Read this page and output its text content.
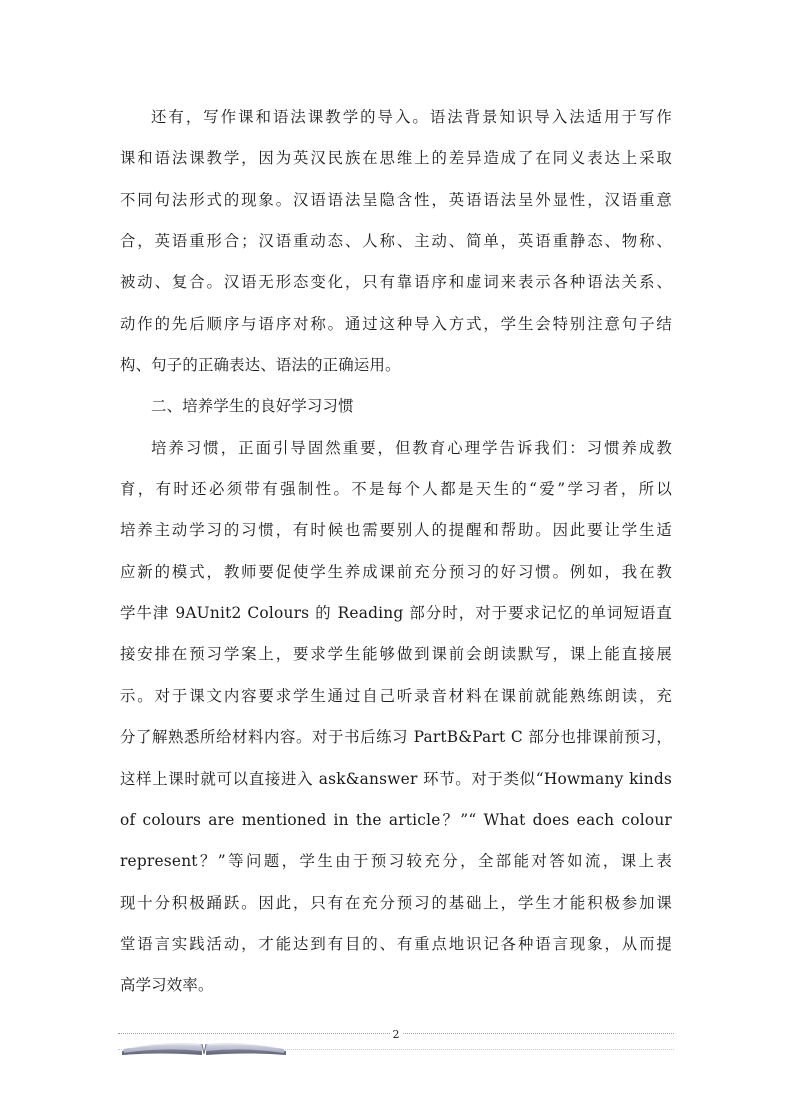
还有，写作课和语法课教学的导入。语法背景知识导入法适用于写作
课和语法课教学，因为英汉民族在思维上的差异造成了在同义表达上采取
不同句法形式的现象。汉语语法呈隐含性，英语语法呈外显性，汉语重意
合，英语重形合；汉语重动态、人称、主动、简单，英语重静态、物称、
被动、复合。汉语无形态变化，只有靠语序和虚词来表示各种语法关系、
动作的先后顺序与语序对称。通过这种导入方式，学生会特别注意句子结
构、句子的正确表达、语法的正确运用。
二、培养学生的良好学习习惯
培养习惯，正面引导固然重要，但教育心理学告诉我们：习惯养成教
育，有时还必须带有强制性。不是每个人都是天生的“爱”学习者，所以
培养主动学习的习惯，有时候也需要别人的提醒和帮助。因此要让学生适
应新的模式，教师要促使学生养成课前充分预习的好习惯。例如，我在教
学牛津 9AUnit2 Colours 的 Reading 部分时，对于要求记忆的单词短语直
接安排在预习学案上，要求学生能够做到课前会朗读默写，课上能直接展
示。对于课文内容要求学生通过自己听录音材料在课前就能熟练朗读，充
分了解熟悉所给材料内容。对于书后练习 PartB&Part C 部分也排课前预习，
这样上课时就可以直接进入 ask&answer 环节。对于类似“Howmany kinds
of colours are mentioned in the article？”“ What does each colour
represent？”等问题，学生由于预习较充分，全部能对答如流，课上表
现十分积极踊跃。因此，只有在充分预习的基础上，学生才能积极参加课
堂语言实践活动，才能达到有目的、有重点地识记各种语言现象，从而提
高学习效率。
2
